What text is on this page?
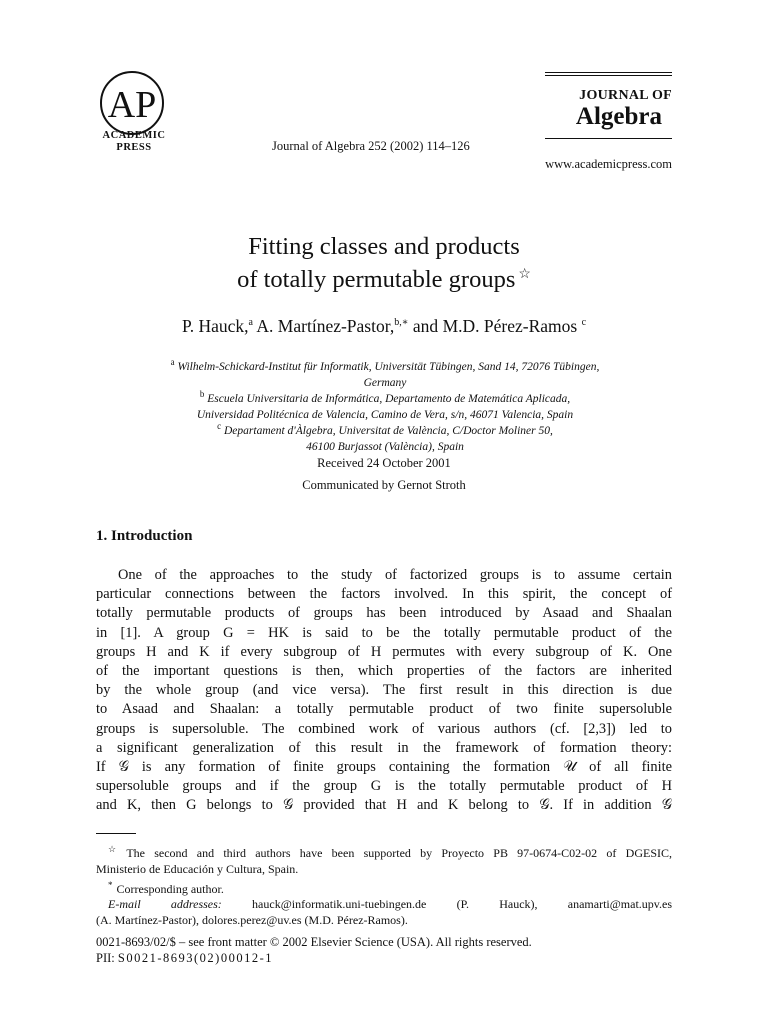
AP
ACADEMIC
PRESS	Journal of Algebra 252 (2002) 114–126
JOURNAL OF
Algebra
www.academicpress.com
Fitting classes and products
of totally permutable groups ☆
P. Hauck,$^a$ A. Martínez-Pastor,$^{b,∗}$ and M.D. Pérez-Ramos $^c$
$^a$ Wilhelm-Schickard-Institut für Informatik, Universität Tübingen, Sand 14, 72076 Tübingen,
Germany
$^b$ Escuela Universitaria de Informática, Departamento de Matemática Aplicada,
Universidad Politécnica de Valencia, Camino de Vera, s/n, 46071 Valencia, Spain
$^c$ Departament d'Àlgebra, Universitat de València, C/Doctor Moliner 50,
46100 Burjassot (València), Spain
Received 24 October 2001
Communicated by Gernot Stroth
1. Introduction
One of the approaches to the study of factorized groups is to assume certain
particular connections between the factors involved. In this spirit, the concept of
totally permutable products of groups has been introduced by Asaad and Shaalan
in [1]. A group G = HK is said to be the totally permutable product of the
groups H and K if every subgroup of H permutes with every subgroup of K. One
of the important questions is then, which properties of the factors are inherited
by the whole group (and vice versa). The first result in this direction is due
to Asaad and Shaalan: a totally permutable product of two finite supersoluble
groups is supersoluble. The combined work of various authors (cf. [2,3]) led to
a significant generalization of this result in the framework of formation theory:
If 𝒢 is any formation of finite groups containing the formation 𝒰 of all finite
supersoluble groups and if the group G is the totally permutable product of H
and K, then G belongs to 𝒢 provided that H and K belong to 𝒢. If in addition 𝒢
☆ The second and third authors have been supported by Proyecto PB 97-0674-C02-02 of DGESIC,
Ministerio de Educación y Cultura, Spain.
* Corresponding author.
E-mail addresses:	hauck@informatik.uni-tuebingen.de (P. Hauck), anamarti@mat.upv.es
(A. Martínez-Pastor), dolores.perez@uv.es (M.D. Pérez-Ramos).
0021-8693/02/$ – see front matter © 2002 Elsevier Science (USA). All rights reserved.
PII: S0021-8693(02)00012-1
